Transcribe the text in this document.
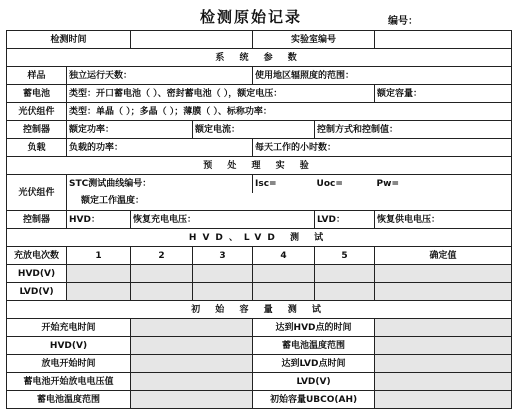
检测原始记录	编号：
检测时间				实验室编号		
系 统 参 数						
样品	独立运行天数：			使用地区辐照度的范围：		
蓄电池	类型：开口蓄电池（ ）、密封蓄电池（ ），额定电压：					额定容量：
光伏组件	类型：单晶（ ）；多晶（ ）；薄膜（ ）、标称功率：					
控制器	额定功率：		额定电流：		控制方式和控制值：	
负载	负载的功率：			每天工作的小时数：		
预 处 理 实 验						
光伏组件	STC测试曲线编号：			Isc=	Uoc=	Pw=
	额定工作温度：					
控制器	HVD：	恢复充电电压：			LVD：	恢复供电电压：
HVD、LVD 测 试						
充放电次数	1	2	3	4	5	确定值
HVD(V)						
LVD(V)						
初 始 容 量 测 试						
开始充电时间				达到HVD点的时间		
HVD(V)				蓄电池温度范围		
放电开始时间				达到LVD点时间		
蓄电池开始放电电压值				LVD(V)		
蓄电池温度范围				初始容量UBCO(AH)		
